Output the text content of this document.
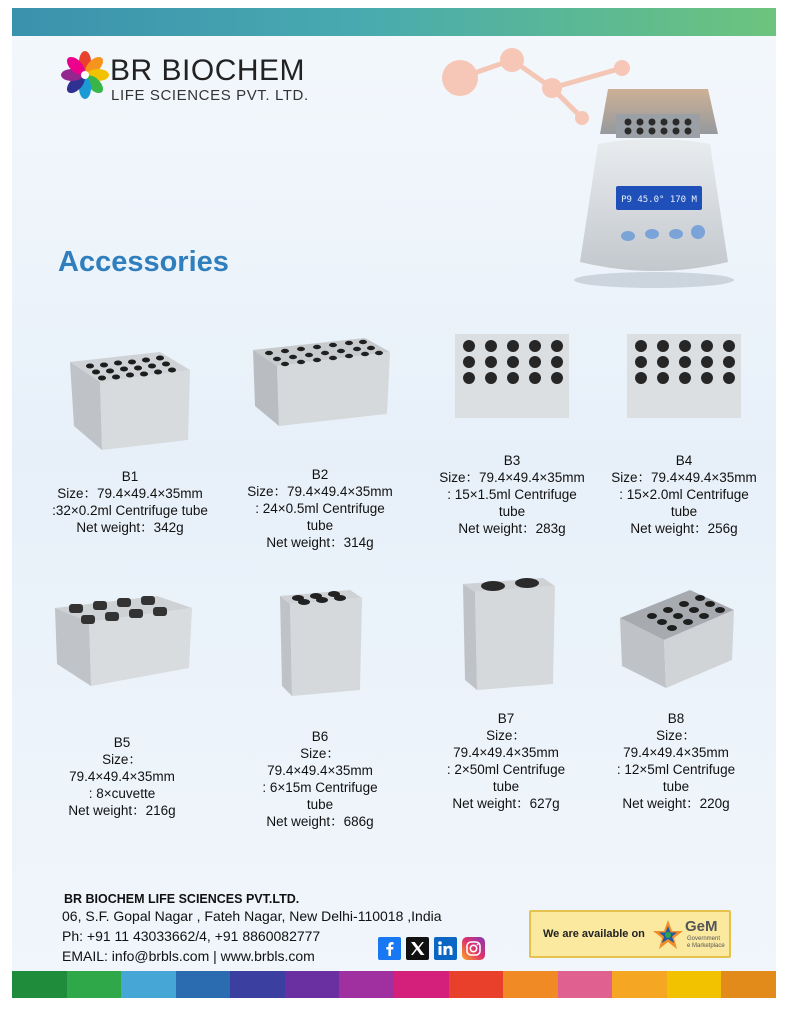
BR BIOCHEM
LIFE SCIENCES PVT. LTD.
P9 45.0° 170 M
Accessories
B1
Size：79.4×49.4×35mm
:32×0.2ml Centrifuge tube
Net weight：342g
B2
Size：79.4×49.4×35mm
: 24×0.5ml Centrifuge
tube
Net weight：314g
B3
Size：79.4×49.4×35mm
: 15×1.5ml Centrifuge
tube
Net weight：283g
B4
Size：79.4×49.4×35mm
: 15×2.0ml Centrifuge
tube
Net weight：256g
B5
Size：
79.4×49.4×35mm
: 8×cuvette
Net weight：216g
B6
Size：
79.4×49.4×35mm
: 6×15m Centrifuge
tube
Net weight：686g
B7
Size：
79.4×49.4×35mm
: 2×50ml Centrifuge
tube
Net weight：627g
B8
Size：
79.4×49.4×35mm
: 12×5ml Centrifuge
tube
Net weight：220g
BR BIOCHEM LIFE SCIENCES PVT.LTD.
06, S.F. Gopal Nagar , Fateh Nagar, New Delhi-110018 ,India
Ph: +91 11 43033662/4, +91 8860082777
EMAIL: info@brbls.com | www.brbls.com
We are available on	GeM
Government
e Marketplace
